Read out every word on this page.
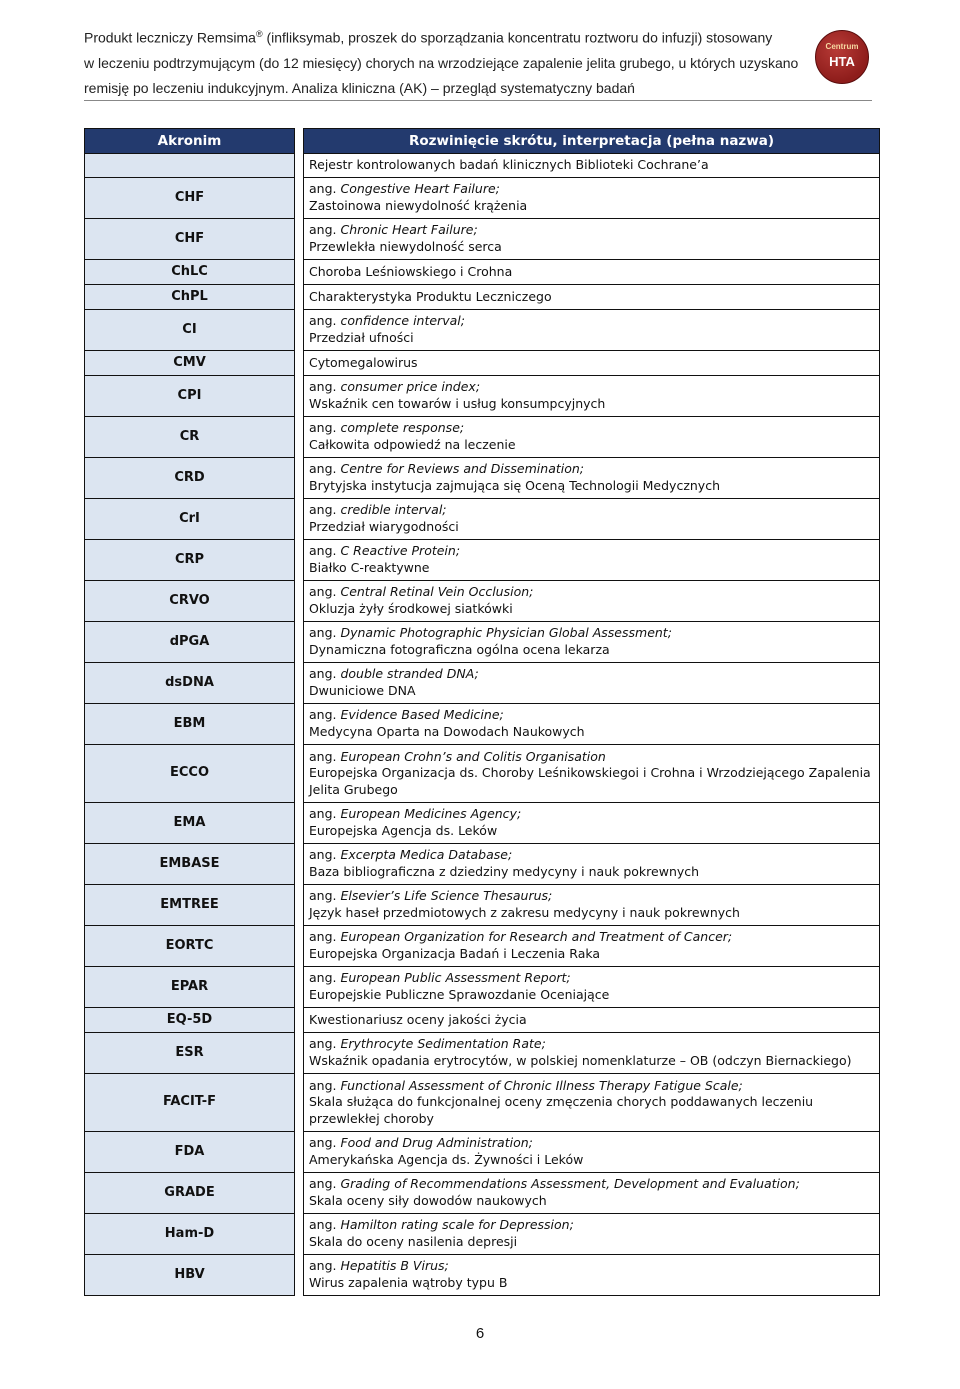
Produkt leczniczy Remsima® (infliksymab, proszek do sporządzania koncentratu roztworu do infuzji) stosowany
w leczeniu podtrzymującym (do 12 miesięcy) chorych na wrzodziejące zapalenie jelita grubego, u których uzyskano
remisję po leczeniu indukcyjnym. Analiza kliniczna (AK) – przegląd systematyczny badań
Centrum
HTA
Akronim		Rozwinięcie skrótu, interpretacja (pełna nazwa)

		Rejestr kontrolowanych badań klinicznych Biblioteki Cochrane’a

CHF		ang. Congestive Heart Failure;
Zastoinowa niewydolność krążenia

CHF		ang. Chronic Heart Failure;
Przewlekła niewydolność serca

ChLC		Choroba Leśniowskiego i Crohna

ChPL		Charakterystyka Produktu Leczniczego

CI		ang. confidence interval;
Przedział ufności

CMV		Cytomegalowirus

CPI		ang. consumer price index;
Wskaźnik cen towarów i usług konsumpcyjnych

CR		ang. complete response;
Całkowita odpowiedź na leczenie

CRD		ang. Centre for Reviews and Dissemination;
Brytyjska instytucja zajmująca się Oceną Technologii Medycznych

CrI		ang. credible interval;
Przedział wiarygodności

CRP		ang. C Reactive Protein;
Białko C-reaktywne

CRVO		ang. Central Retinal Vein Occlusion;
Okluzja żyły środkowej siatkówki

dPGA		ang. Dynamic Photographic Physician Global Assessment;
Dynamiczna fotograficzna ogólna ocena lekarza

dsDNA		ang. double stranded DNA;
Dwuniciowe DNA

EBM		ang. Evidence Based Medicine;
Medycyna Oparta na Dowodach Naukowych

ECCO		ang. European Crohn’s and Colitis Organisation
Europejska Organizacja ds. Choroby Leśnikowskiegoi i Crohna i Wrzodziejącego Zapalenia Jelita Grubego

EMA		ang. European Medicines Agency;
Europejska Agencja ds. Leków

EMBASE		ang. Excerpta Medica Database;
Baza bibliograficzna z dziedziny medycyny i nauk pokrewnych

EMTREE		ang. Elsevier’s Life Science Thesaurus;
Język haseł przedmiotowych z zakresu medycyny i nauk pokrewnych

EORTC		ang. European Organization for Research and Treatment of Cancer;
Europejska Organizacja Badań i Leczenia Raka

EPAR		ang. European Public Assessment Report;
Europejskie Publiczne Sprawozdanie Oceniające

EQ-5D		Kwestionariusz oceny jakości życia

ESR		ang. Erythrocyte Sedimentation Rate;
Wskaźnik opadania erytrocytów, w polskiej nomenklaturze – OB (odczyn Biernackiego)

FACIT-F		ang. Functional Assessment of Chronic Illness Therapy Fatigue Scale;
Skala służąca do funkcjonalnej oceny zmęczenia chorych poddawanych leczeniu przewlekłej choroby

FDA		ang. Food and Drug Administration;
Amerykańska Agencja ds. Żywności i Leków

GRADE		ang. Grading of Recommendations Assessment, Development and Evaluation;
Skala oceny siły dowodów naukowych

Ham-D		ang. Hamilton rating scale for Depression;
Skala do oceny nasilenia depresji

HBV		ang. Hepatitis B Virus;
Wirus zapalenia wątroby typu B
6
